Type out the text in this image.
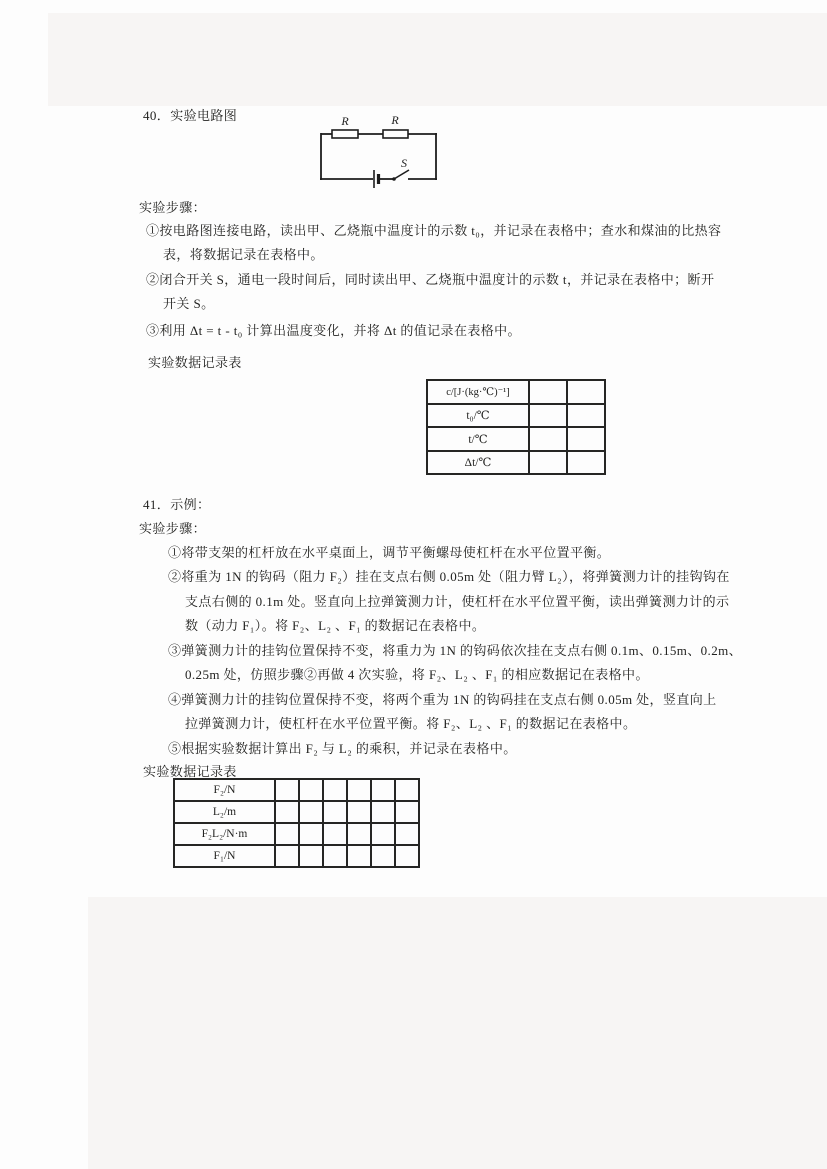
40．实验电路图	R	R
S
实验步骤：
①按电路图连接电路，读出甲、乙烧瓶中温度计的示数 t₀，并记录在表格中；查水和煤油的比热容
表，将数据记录在表格中。
②闭合开关 S，通电一段时间后，同时读出甲、乙烧瓶中温度计的示数 t，并记录在表格中；断开
开关 S。
③利用 Δt = t - t₀ 计算出温度变化，并将 Δt 的值记录在表格中。
实验数据记录表
c/[J·(kg·℃)⁻¹]		
t₀/℃		
t/℃		
Δt/℃		
41．示例：
实验步骤：
①将带支架的杠杆放在水平桌面上，调节平衡螺母使杠杆在水平位置平衡。
②将重为 1N 的钩码（阻力 F₂）挂在支点右侧 0.05m 处（阻力臂 L₂），将弹簧测力计的挂钩钩在
支点右侧的 0.1m 处。竖直向上拉弹簧测力计，使杠杆在水平位置平衡，读出弹簧测力计的示
数（动力 F₁）。将 F₂、L₂ 、F₁ 的数据记在表格中。
③弹簧测力计的挂钩位置保持不变，将重力为 1N 的钩码依次挂在支点右侧 0.1m、0.15m、0.2m、
0.25m 处，仿照步骤②再做 4 次实验，将 F₂、L₂ 、F₁ 的相应数据记在表格中。
④弹簧测力计的挂钩位置保持不变，将两个重为 1N 的钩码挂在支点右侧 0.05m 处，竖直向上
拉弹簧测力计，使杠杆在水平位置平衡。将 F₂、L₂ 、F₁ 的数据记在表格中。
⑤根据实验数据计算出 F₂ 与 L₂ 的乘积，并记录在表格中。
实验数据记录表
F₂/N						
L₂/m						
F₂L₂/N·m						
F₁/N						
